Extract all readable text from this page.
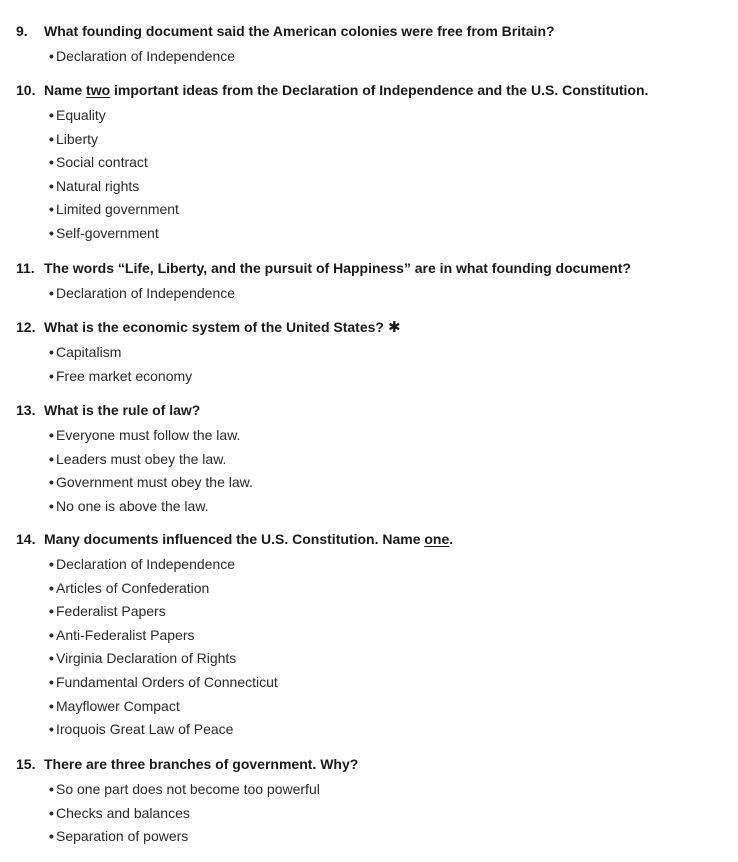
9.	What founding document said the American colonies were free from Britain?
• Declaration of Independence
10. Name two important ideas from the Declaration of Independence and the U.S. Constitution.
• Equality
• Liberty
• Social contract
• Natural rights
• Limited government
• Self-government
11. The words “Life, Liberty, and the pursuit of Happiness” are in what founding document?
• Declaration of Independence
12. What is the economic system of the United States? ✱
• Capitalism
• Free market economy
13. What is the rule of law?
• Everyone must follow the law.
• Leaders must obey the law.
• Government must obey the law.
• No one is above the law.
14. Many documents influenced the U.S. Constitution. Name one.
• Declaration of Independence
• Articles of Confederation
• Federalist Papers
• Anti-Federalist Papers
• Virginia Declaration of Rights
• Fundamental Orders of Connecticut
• Mayflower Compact
• Iroquois Great Law of Peace
15. There are three branches of government. Why?
• So one part does not become too powerful
• Checks and balances
• Separation of powers
